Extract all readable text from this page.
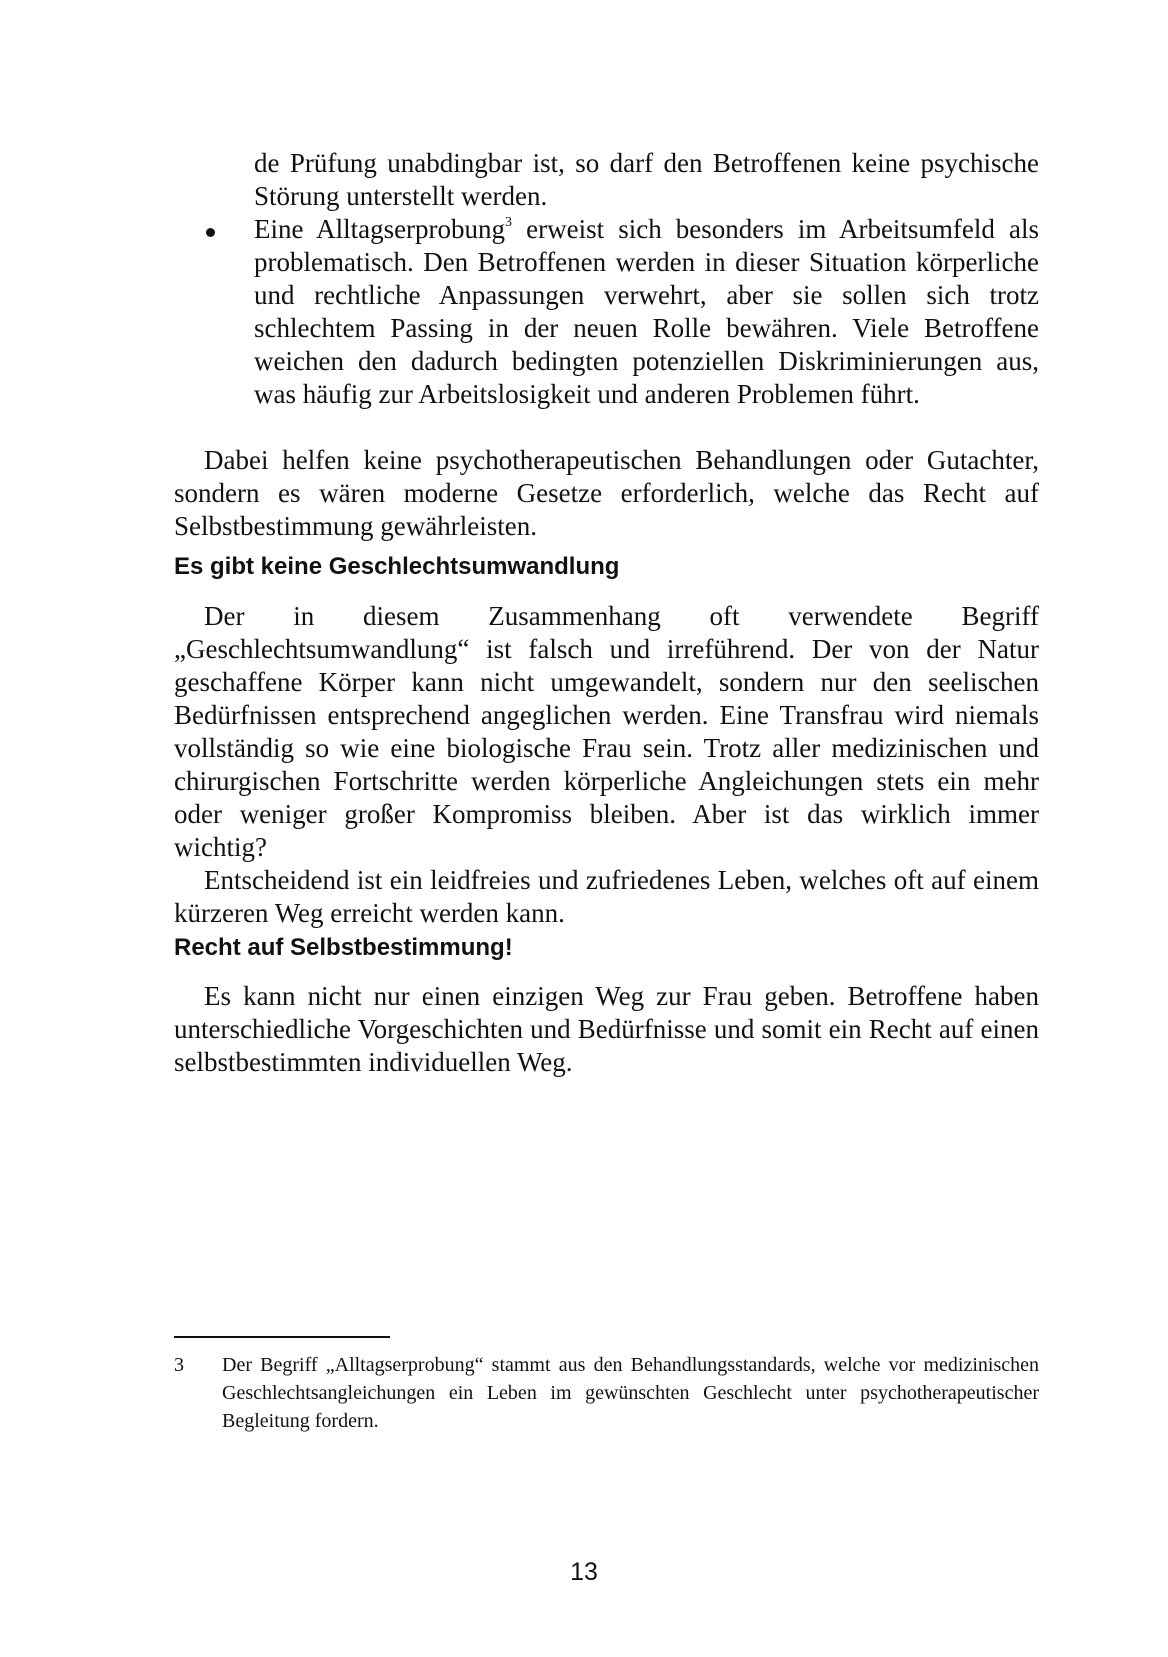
de Prüfung unabdingbar ist, so darf den Betroffenen keine psychische Störung unterstellt werden.
Eine Alltagserprobung$^3$ erweist sich besonders im Arbeitsumfeld als problematisch. Den Betroffenen werden in dieser Situation körperliche und rechtliche Anpassungen verwehrt, aber sie sollen sich trotz schlechtem Passing in der neuen Rolle bewähren. Viele Betroffene weichen den dadurch bedingten potenziellen Diskriminierungen aus, was häufig zur Arbeitslosigkeit und anderen Problemen führt.

Dabei helfen keine psychotherapeutischen Behandlungen oder Gutachter, sondern es wären moderne Gesetze erforderlich, welche das Recht auf Selbstbestimmung gewährleisten.

Es gibt keine Geschlechtsumwandlung

Der in diesem Zusammenhang oft verwendete Begriff „Geschlechtsumwandlung“ ist falsch und irreführend. Der von der Natur geschaffene Körper kann nicht umgewandelt, sondern nur den seelischen Bedürfnissen entsprechend angeglichen werden. Eine Transfrau wird niemals vollständig so wie eine biologische Frau sein. Trotz aller medizinischen und chirurgischen Fortschritte werden körperliche Angleichungen stets ein mehr oder weniger großer Kompromiss bleiben. Aber ist das wirklich immer wichtig?

Entscheidend ist ein leidfreies und zufriedenes Leben, welches oft auf einem kürzeren Weg erreicht werden kann.

Recht auf Selbstbestimmung!

Es kann nicht nur einen einzigen Weg zur Frau geben. Betroffene haben unterschiedliche Vorgeschichten und Bedürfnisse und somit ein Recht auf einen selbstbestimmten individuellen Weg.

3 Der Begriff „Alltagserprobung“ stammt aus den Behandlungsstandards, welche vor medizinischen Geschlechtsangleichungen ein Leben im gewünschten Geschlecht unter psychotherapeutischer Begleitung fordern.
13
